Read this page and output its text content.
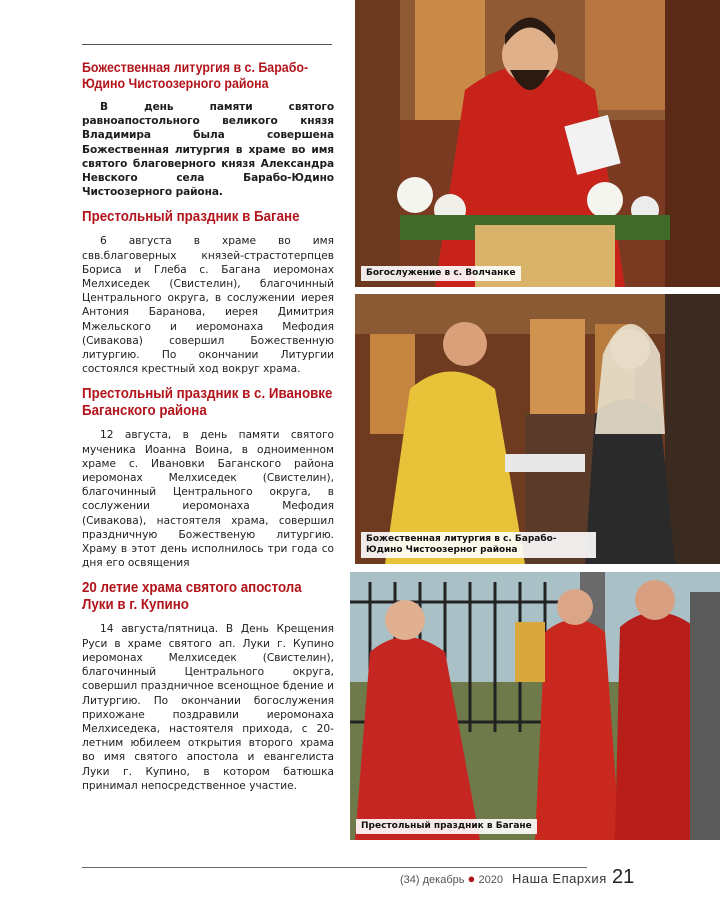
Божественная литургия в с. Барабо-Юдино Чистоозерного района

В день памяти святого равноапостольного великого князя Владимира была совершена Божественная литургия в храме во имя святого благоверного князя Александра Невского села Барабо-Юдино Чистоозерного района.

Престольный праздник в Багане

6 августа в храме во имя свв.благоверных князей-страстотерпцев Бориса и Глеба с. Багана иеромонах Мелхиседек (Свистелин), благочинный Центрального округа, в сослужении иерея Антония Баранова, иерея Димитрия Мжельского и иеромонаха Мефодия (Сивакова) совершил Божественную литургию. По окончании Литургии состоялся крестный ход вокруг храма.

Престольный праздник в с. Ивановке Баганского района

12 августа, в день памяти святого мученика Иоанна Воина, в одноименном храме с. Ивановки Баганского района иеромонах Мелхиседек (Свистелин), благочинный Центрального округа, в сослужении иеромонаха Мефодия (Сивакова), настоятеля храма, совершил праздничную Божественую литургию. Храму в этот день исполнилось три года со дня его освящения

20 летие храма святого апостола Луки в г. Купино

14 августа/пятница. В День Крещения Руси в храме святого ап. Луки г. Купино иеромонах Мелхиседек (Свистелин), благочинный Центрального округа, совершил праздничное всенощное бдение и Литургию. По окончании богослужения прихожане поздравили иеромонаха Мелхиседека, настоятеля прихода, с 20-летним юбилеем открытия второго храма во имя святого апостола и евангелиста Луки г. Купино, в котором батюшка принимал непосредственное участие.

Богослужение в с. Волчанке
Божественная литургия в с. Барабо-Юдино Чистоозерног района
Престольный праздник в Багане
(34) декабрь ● 2020 Наша Епархия 21
